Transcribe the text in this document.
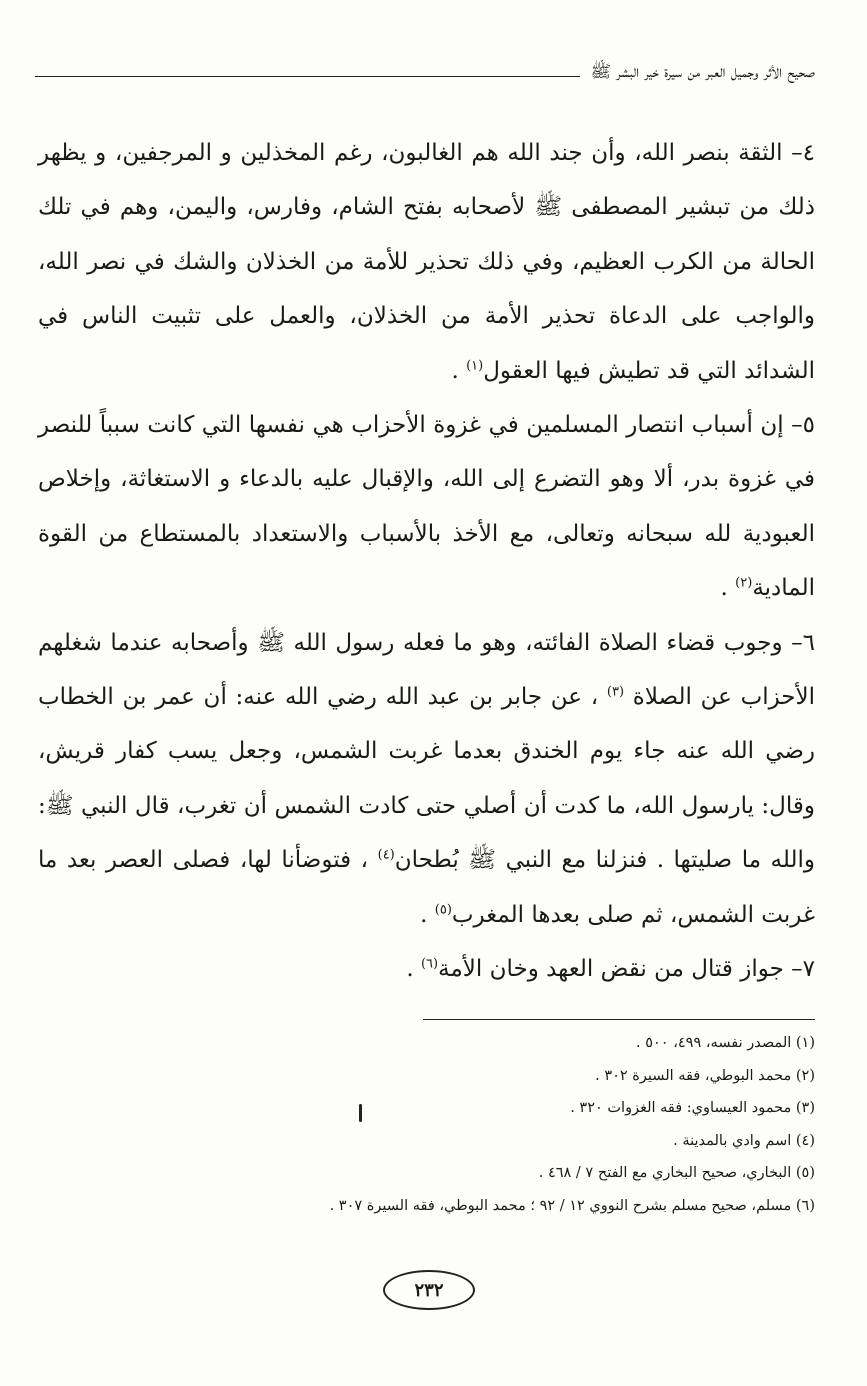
صحيح الأثر وجميل العبر من سيرة خير البشر ﷺ

٤– الثقة بنصر الله، وأن جند الله هم الغالبون، رغم المخذلين و المرجفين، و يظهر ذلك من تبشير المصطفى ﷺ لأصحابه بفتح الشام، وفارس، واليمن، وهم في تلك الحالة من الكرب العظيم، وفي ذلك تحذير للأمة من الخذلان والشك في نصر الله، والواجب على الدعاة تحذير الأمة من الخذلان، والعمل على تثبيت الناس في الشدائد التي قد تطيش فيها العقول$^{(١)}$ .

٥– إن أسباب انتصار المسلمين في غزوة الأحزاب هي نفسها التي كانت سبباً للنصر في غزوة بدر، ألا وهو التضرع إلى الله، والإقبال عليه بالدعاء و الاستغاثة، وإخلاص العبودية لله سبحانه وتعالى، مع الأخذ بالأسباب والاستعداد بالمستطاع من القوة المادية$^{(٢)}$ .

٦– وجوب قضاء الصلاة الفائته، وهو ما فعله رسول الله ﷺ وأصحابه عندما شغلهم الأحزاب عن الصلاة $^{(٣)}$ ، عن جابر بن عبد الله رضي الله عنه: أن عمر بن الخطاب رضي الله عنه جاء يوم الخندق بعدما غربت الشمس، وجعل يسب كفار قريش، وقال: يارسول الله، ما كدت أن أصلي حتى كادت الشمس أن تغرب، قال النبي ﷺ: والله ما صليتها . فنزلنا مع النبي ﷺ بُطحان$^{(٤)}$ ، فتوضأنا لها، فصلى العصر بعد ما غربت الشمس، ثم صلى بعدها المغرب$^{(٥)}$ .

٧– جواز قتال من نقض العهد وخان الأمة$^{(٦)}$ .

(١) المصدر نفسه، ٤٩٩، ٥٠٠ .

(٢) محمد البوطي، فقه السيرة ٣٠٢ .

(٣) محمود العيساوي: فقه الغزوات ٣٢٠ .

(٤) اسم وادي بالمدينة .

(٥) البخاري، صحيح البخاري مع الفتح ٧ / ٤٦٨ .

(٦) مسلم، صحيح مسلم بشرح النووي ١٢ / ٩٢ ؛ محمد البوطي، فقه السيرة ٣٠٧ .

٢٣٢
